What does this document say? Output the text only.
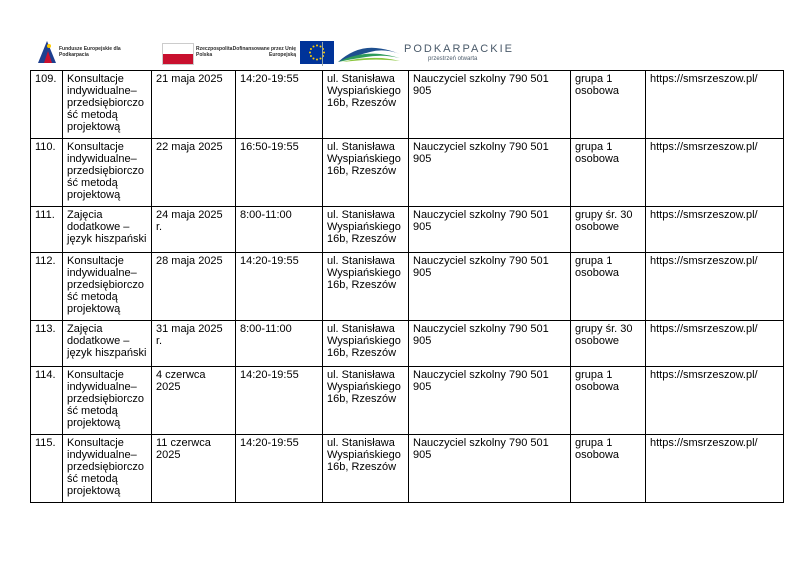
Fundusze Europejskie dla Podkarpacia
Rzeczpospolita Polska
Dofinansowane przez Unię Europejską	PODKARPACKIE
przestrzeń otwarta
109.	Konsultacje indywidualne–przedsiębiorczość metodą projektową	21 maja 2025	14:20-19:55	ul. Stanisława Wyspiańskiego 16b, Rzeszów	Nauczyciel szkolny 790 501 905	grupa 1 osobowa	https://smsrzeszow.pl/
110.	Konsultacje indywidualne–przedsiębiorczość metodą projektową	22 maja 2025	16:50-19:55	ul. Stanisława Wyspiańskiego 16b, Rzeszów	Nauczyciel szkolny 790 501 905	grupa 1 osobowa	https://smsrzeszow.pl/
111.	Zajęcia dodatkowe – język hiszpański	24 maja 2025 r.	8:00-11:00	ul. Stanisława Wyspiańskiego 16b, Rzeszów	Nauczyciel szkolny 790 501 905	grupy śr. 30 osobowe	https://smsrzeszow.pl/
112.	Konsultacje indywidualne–przedsiębiorczość metodą projektową	28 maja 2025	14:20-19:55	ul. Stanisława Wyspiańskiego 16b, Rzeszów	Nauczyciel szkolny 790 501 905	grupa 1 osobowa	https://smsrzeszow.pl/
113.	Zajęcia dodatkowe – język hiszpański	31 maja 2025 r.	8:00-11:00	ul. Stanisława Wyspiańskiego 16b, Rzeszów	Nauczyciel szkolny 790 501 905	grupy śr. 30 osobowe	https://smsrzeszow.pl/
114.	Konsultacje indywidualne–przedsiębiorczość metodą projektową	4 czerwca 2025	14:20-19:55	ul. Stanisława Wyspiańskiego 16b, Rzeszów	Nauczyciel szkolny 790 501 905	grupa 1 osobowa	https://smsrzeszow.pl/
115.	Konsultacje indywidualne–przedsiębiorczość metodą projektową	11 czerwca 2025	14:20-19:55	ul. Stanisława Wyspiańskiego 16b, Rzeszów	Nauczyciel szkolny 790 501 905	grupa 1 osobowa	https://smsrzeszow.pl/
